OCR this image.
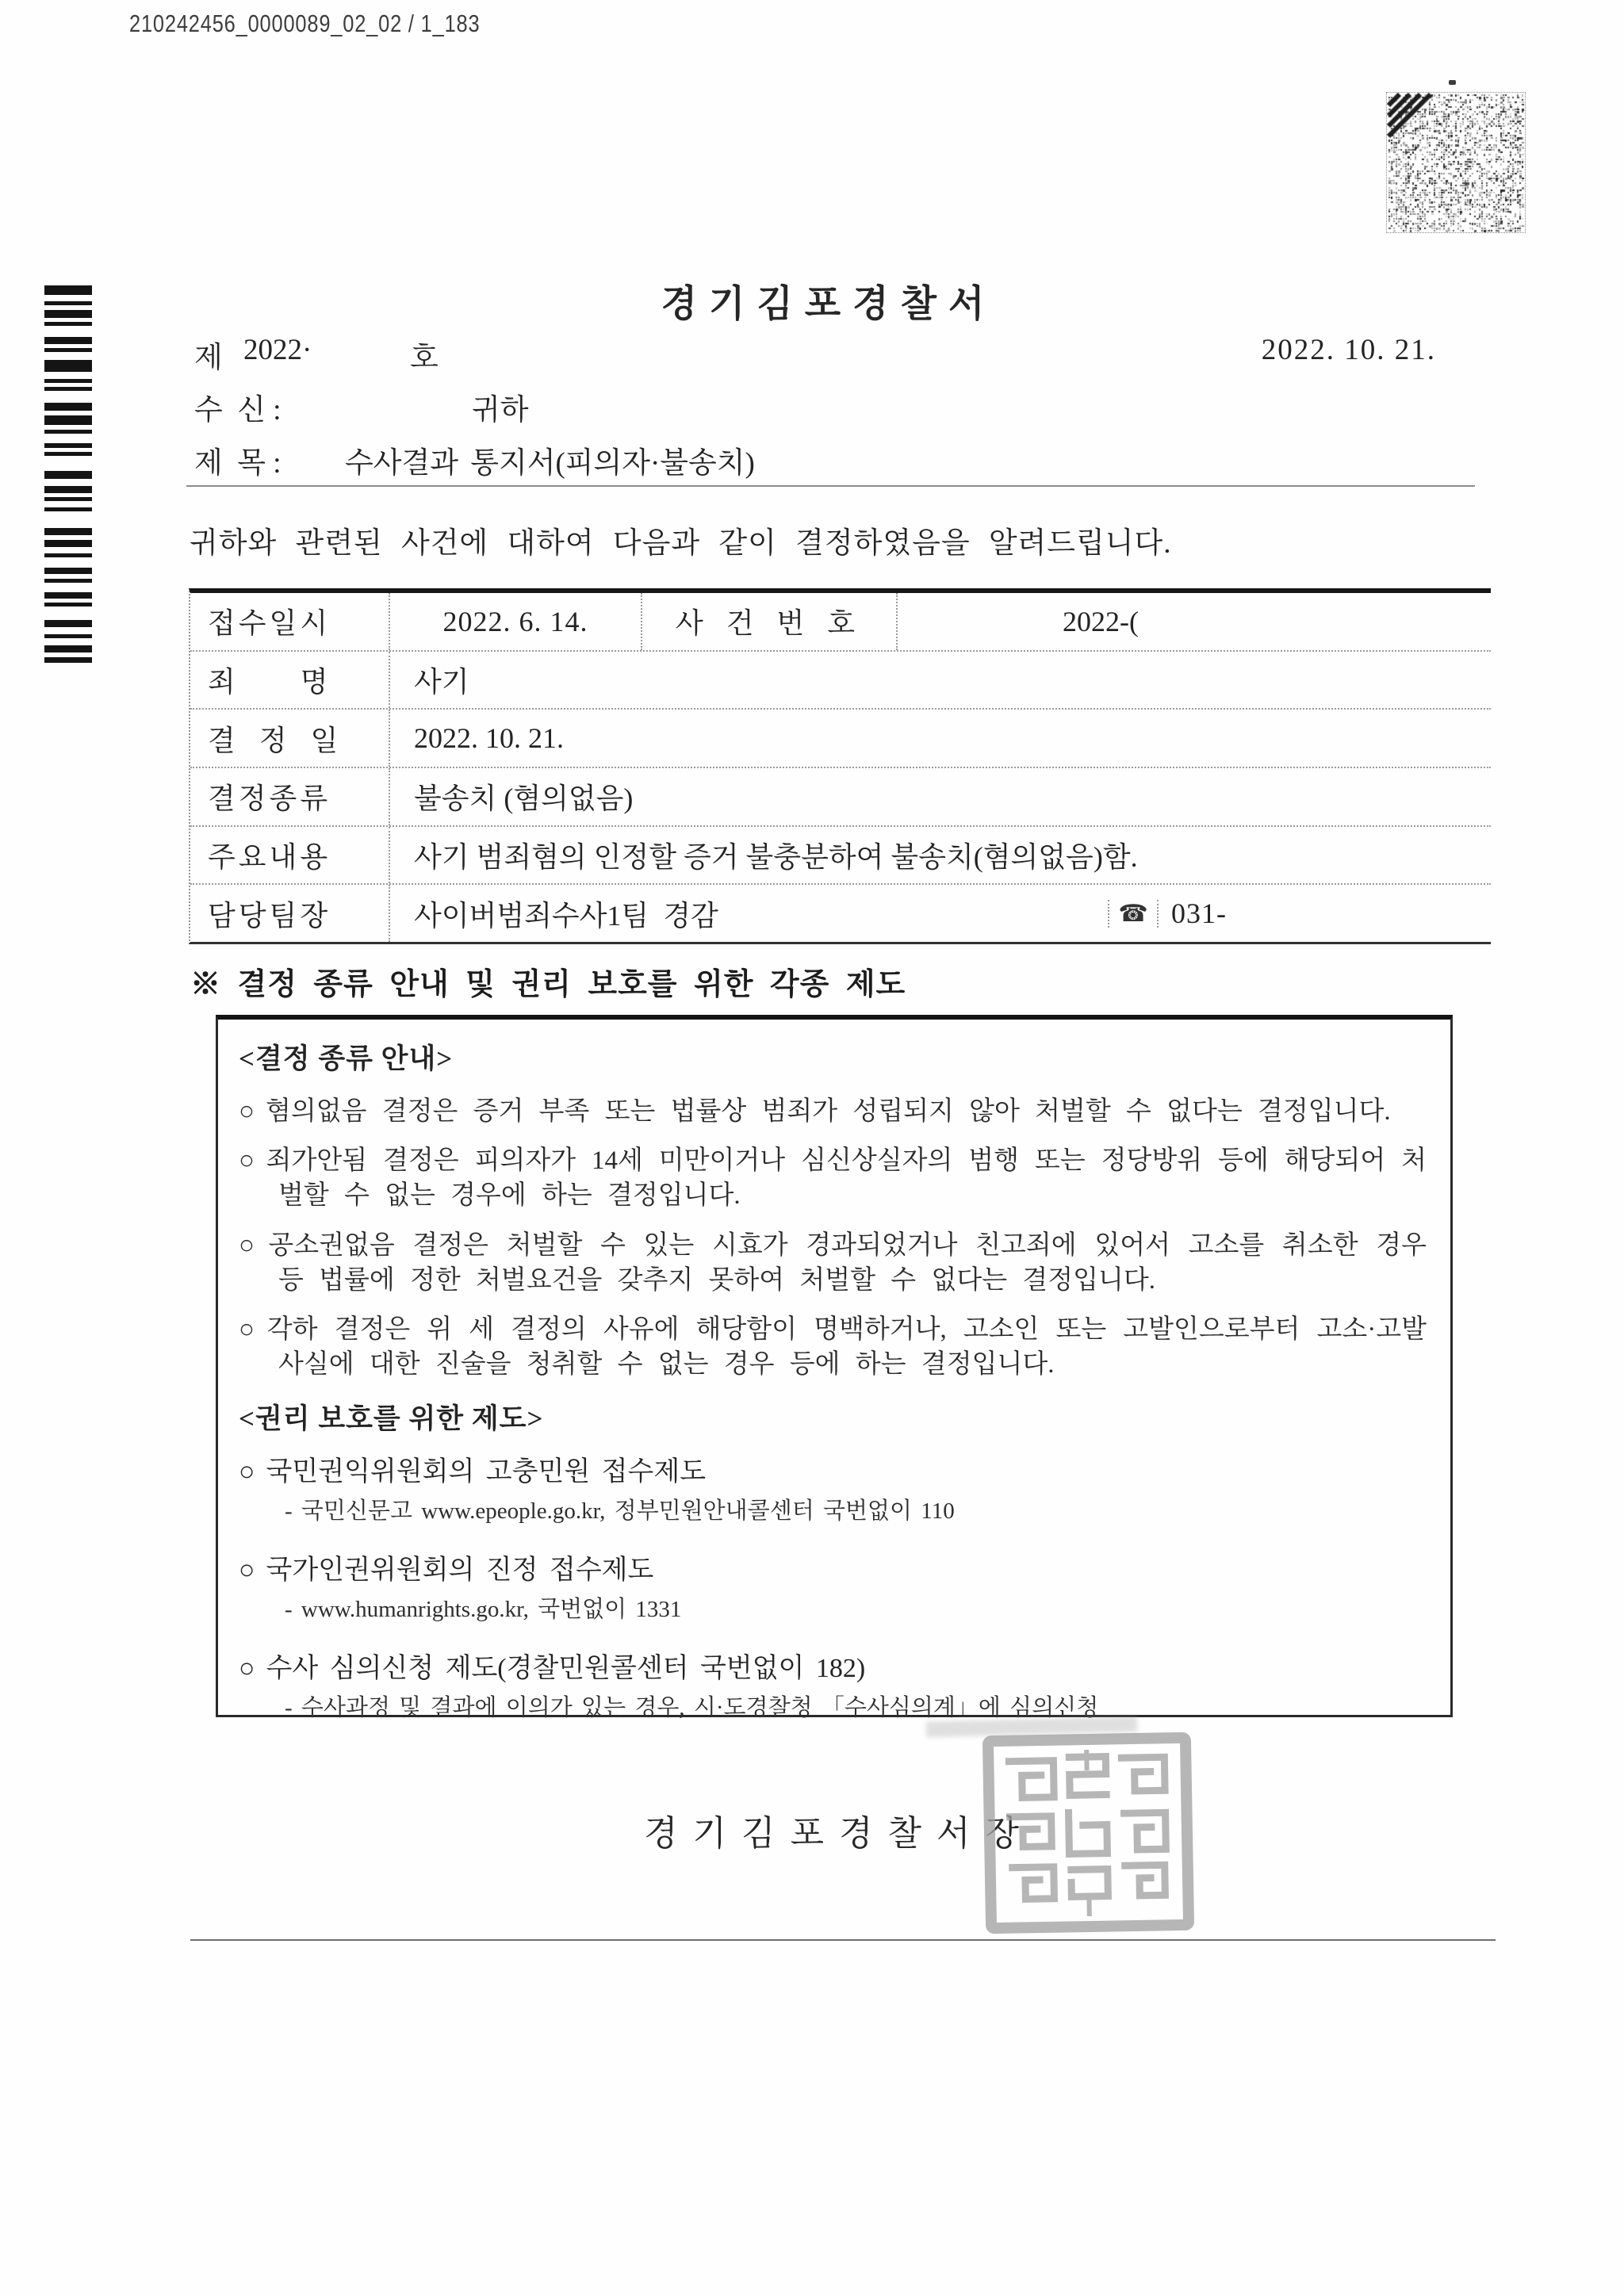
210242456_0000089_02_02 / 1_183
경기김포경찰서
제 2022·	호	2022. 10. 21.
수  신 :	귀하
제  목 : 수사결과 통지서(피의자·불송치)
귀하와 관련된 사건에 대하여 다음과 같이 결정하였음을 알려드립니다.
접수일시	2022. 6. 14.	사 건 번 호	2022-(
죄      명	사기
결  정  일	2022. 10. 21.
결정종류	불송치 (혐의없음)
주요내용	사기 범죄혐의 인정할 증거 불충분하여 불송치(혐의없음)함.
담당팀장	사이버범죄수사1팀  경감	☎ 031-
※ 결정 종류 안내 및 권리 보호를 위한 각종 제도

<결정 종류 안내>

○ 혐의없음 결정은 증거 부족 또는 법률상 범죄가 성립되지 않아 처벌할 수 없다는 결정입니다.

○ 죄가안됨 결정은 피의자가 14세 미만이거나 심신상실자의 범행 또는 정당방위 등에 해당되어 처벌할 수 없는 경우에 하는 결정입니다.

○ 공소권없음 결정은 처벌할 수 있는 시효가 경과되었거나 친고죄에 있어서 고소를 취소한 경우 등 법률에 정한 처벌요건을 갖추지 못하여 처벌할 수 없다는 결정입니다.

○ 각하 결정은 위 세 결정의 사유에 해당함이 명백하거나, 고소인 또는 고발인으로부터 고소·고발 사실에 대한 진술을 청취할 수 없는 경우 등에 하는 결정입니다.

<권리 보호를 위한 제도>

○ 국민권익위원회의 고충민원 접수제도

- 국민신문고 www.epeople.go.kr, 정부민원안내콜센터 국번없이 110

○ 국가인권위원회의 진정 접수제도

- www.humanrights.go.kr, 국번없이 1331

○ 수사 심의신청 제도(경찰민원콜센터 국번없이 182)

- 수사과정 및 결과에 이의가 있는 경우, 시·도경찰청 「수사심의계」에 심의신청

경 기 김 포 경 찰 서 장
